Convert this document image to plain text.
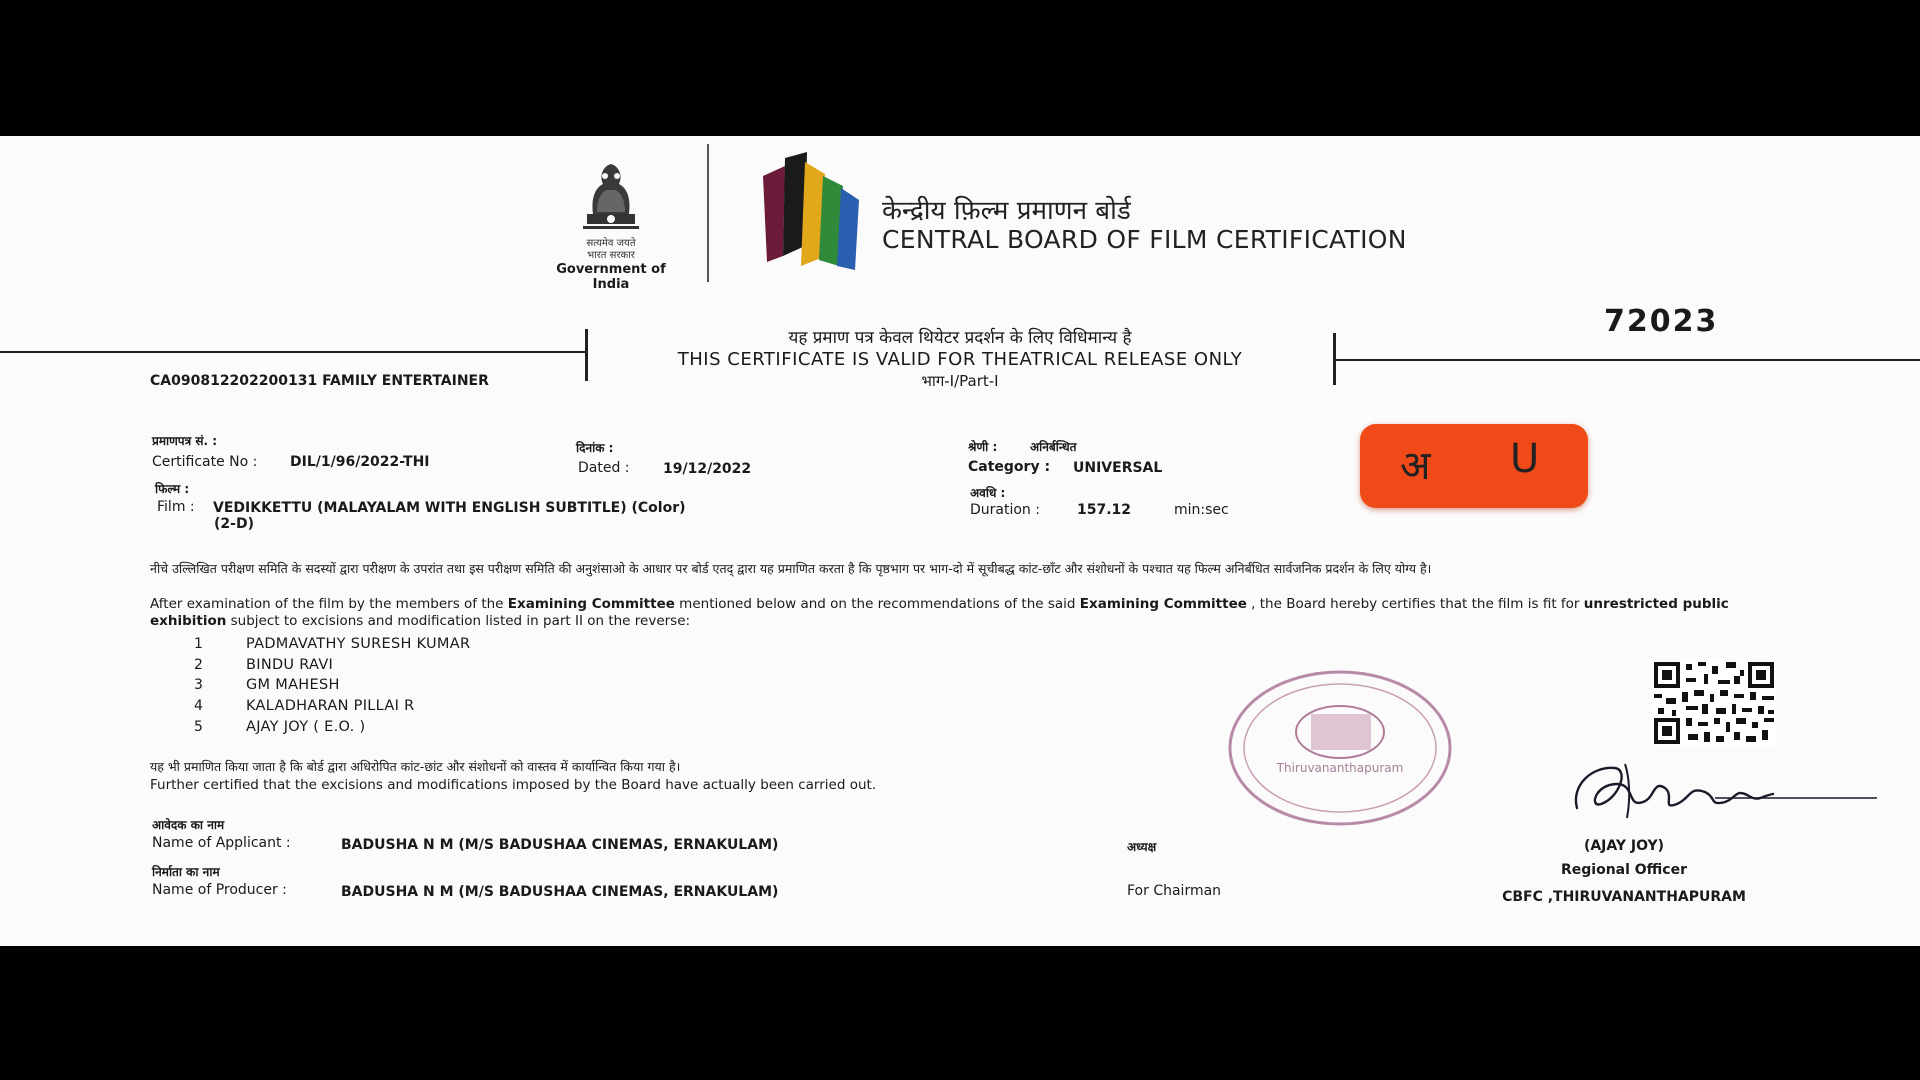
सत्यमेव जयते
भारत सरकार
Government of India
केन्द्रीय फ़िल्म प्रमाणन बोर्ड
CENTRAL BOARD OF FILM CERTIFICATION
72023
यह प्रमाण पत्र केवल थियेटर प्रदर्शन के लिए विधिमान्य है
THIS CERTIFICATE IS VALID FOR THEATRICAL RELEASE ONLY
भाग-I/Part-I
CA090812202200131 FAMILY ENTERTAINER
प्रमाणपत्र सं. :
Certificate No : DIL/1/96/2022-THI
दिनांक :
Dated : 19/12/2022
श्रेणी :	अनिर्बन्धित
Category : UNIVERSAL
फिल्म :
Film : VEDIKKETTU (MALAYALAM WITH ENGLISH SUBTITLE) (Color)
(2-D)
अवधि :
Duration :	157.12	min:sec
अ U
नीचे उल्लिखित परीक्षण समिति के सदस्यों द्वारा परीक्षण के उपरांत तथा इस परीक्षण समिति की अनुशंसाओ के आधार पर बोर्ड एतद् द्वारा यह प्रमाणित करता है कि पृष्ठभाग पर भाग-दो में सूचीबद्ध कांट-छाँट और संशोधनों के पश्चात यह फिल्म अनिर्बंधित सार्वजनिक प्रदर्शन के लिए योग्य है।
After examination of the film by the members of the Examining Committee mentioned below and on the recommendations of the said Examining Committee , the Board hereby certifies that the film is fit for unrestricted public exhibition subject to excisions and modification listed in part II on the reverse:
1	PADMAVATHY SURESH KUMAR
2	BINDU RAVI
3	GM MAHESH
4	KALADHARAN PILLAI R
5	AJAY JOY ( E.O. )
यह भी प्रमाणित किया जाता है कि बोर्ड द्वारा अधिरोपित कांट-छांट और संशोधनों को वास्तव में कार्यान्वित किया गया है।
Further certified that the excisions and modifications imposed by the Board have actually been carried out.
आवेदक का नाम
Name of Applicant :	BADUSHA N M (M/S BADUSHAA CINEMAS, ERNAKULAM)
निर्माता का नाम
Name of Producer :	BADUSHA N M (M/S BADUSHAA CINEMAS, ERNAKULAM)
अध्यक्ष
For Chairman
Thiruvananthapuram
(AJAY JOY)
Regional Officer
CBFC ,THIRUVANANTHAPURAM
